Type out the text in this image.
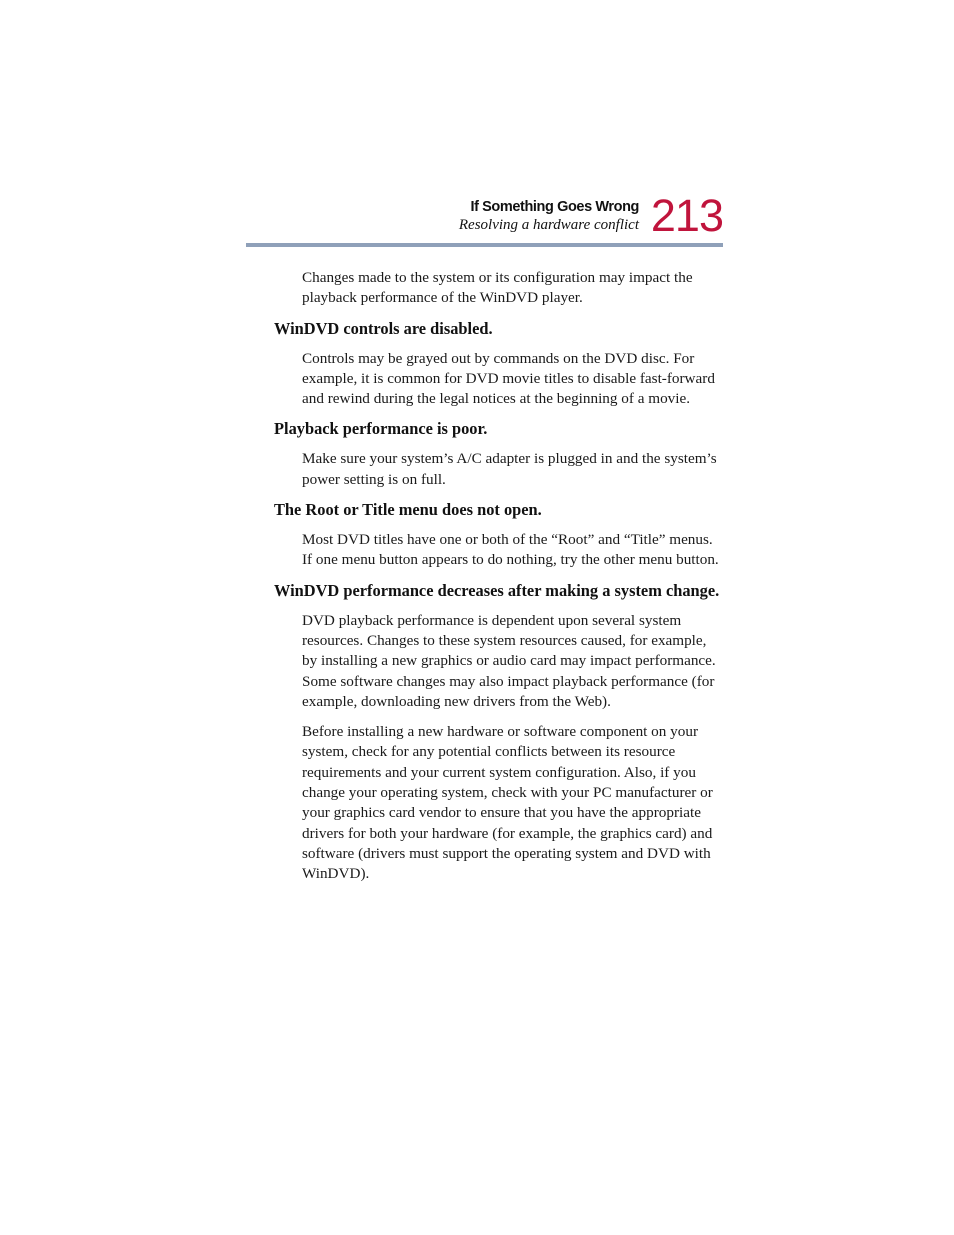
If Something Goes Wrong
Resolving a hardware conflict 213

Changes made to the system or its configuration may impact the playback performance of the WinDVD player.

WinDVD controls are disabled.

Controls may be grayed out by commands on the DVD disc. For example, it is common for DVD movie titles to disable fast-forward and rewind during the legal notices at the beginning of a movie.

Playback performance is poor.

Make sure your system’s A/C adapter is plugged in and the system’s power setting is on full.

The Root or Title menu does not open.

Most DVD titles have one or both of the “Root” and “Title” menus. If one menu button appears to do nothing, try the other menu button.

WinDVD performance decreases after making a system change.

DVD playback performance is dependent upon several system resources. Changes to these system resources caused, for example, by installing a new graphics or audio card may impact performance. Some software changes may also impact playback performance (for example, downloading new drivers from the Web).

Before installing a new hardware or software component on your system, check for any potential conflicts between its resource requirements and your current system configuration. Also, if you change your operating system, check with your PC manufacturer or your graphics card vendor to ensure that you have the appropriate drivers for both your hardware (for example, the graphics card) and software (drivers must support the operating system and DVD with WinDVD).
